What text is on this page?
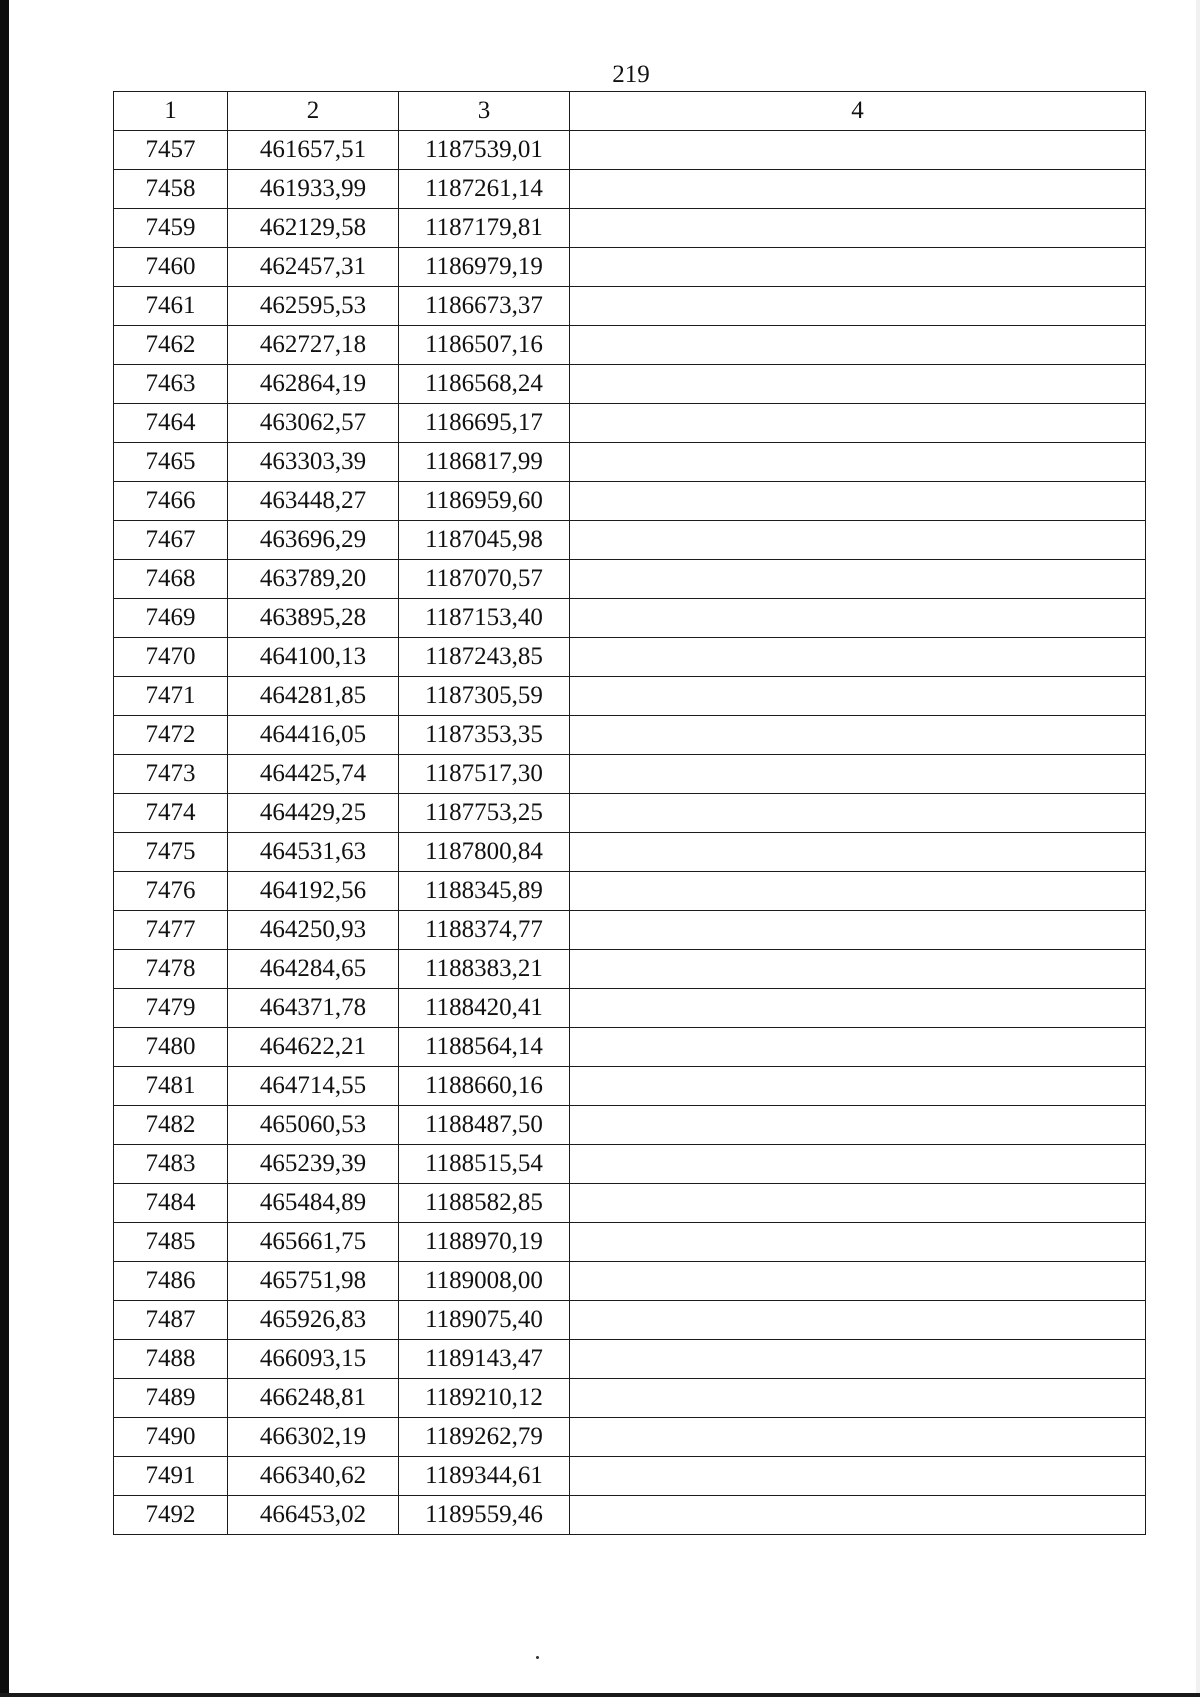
219
1	2	3	4
7457	461657,51	1187539,01	
7458	461933,99	1187261,14	
7459	462129,58	1187179,81	
7460	462457,31	1186979,19	
7461	462595,53	1186673,37	
7462	462727,18	1186507,16	
7463	462864,19	1186568,24	
7464	463062,57	1186695,17	
7465	463303,39	1186817,99	
7466	463448,27	1186959,60	
7467	463696,29	1187045,98	
7468	463789,20	1187070,57	
7469	463895,28	1187153,40	
7470	464100,13	1187243,85	
7471	464281,85	1187305,59	
7472	464416,05	1187353,35	
7473	464425,74	1187517,30	
7474	464429,25	1187753,25	
7475	464531,63	1187800,84	
7476	464192,56	1188345,89	
7477	464250,93	1188374,77	
7478	464284,65	1188383,21	
7479	464371,78	1188420,41	
7480	464622,21	1188564,14	
7481	464714,55	1188660,16	
7482	465060,53	1188487,50	
7483	465239,39	1188515,54	
7484	465484,89	1188582,85	
7485	465661,75	1188970,19	
7486	465751,98	1189008,00	
7487	465926,83	1189075,40	
7488	466093,15	1189143,47	
7489	466248,81	1189210,12	
7490	466302,19	1189262,79	
7491	466340,62	1189344,61	
7492	466453,02	1189559,46	
